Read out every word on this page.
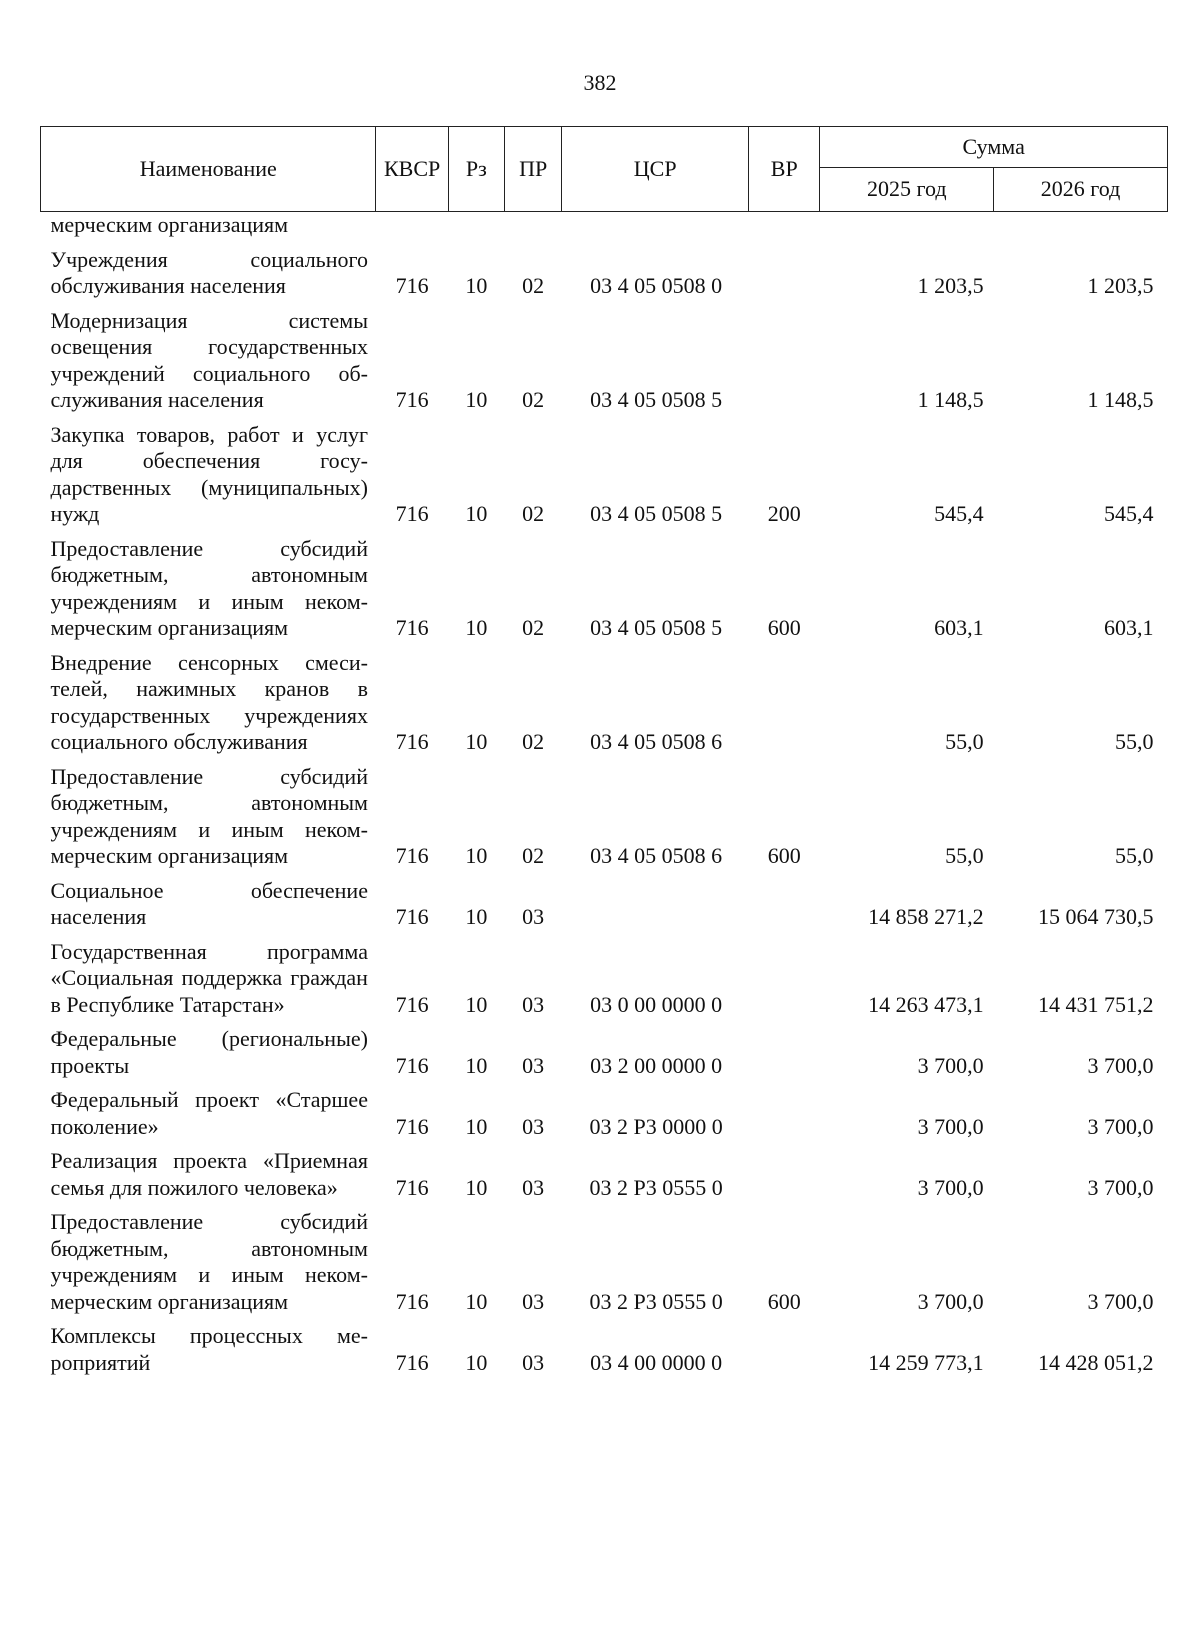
382
Наименование	КВСР	Рз	ПР	ЦСР	ВР	Сумма	
						2025 год	2026 год
мерческим организациям							
Учреждения социального обслуживания населения	716	10	02	03 4 05 0508 0		1 203,5	1 203,5
Модернизация системы освещения государственных учреждений социального обслуживания населения	716	10	02	03 4 05 0508 5		1 148,5	1 148,5
Закупка товаров, работ и услуг для обеспечения государственных (муниципальных) нужд	716	10	02	03 4 05 0508 5	200	545,4	545,4
Предоставление субсидий бюджетным, автономным учреждениям и иным некоммерческим организациям	716	10	02	03 4 05 0508 5	600	603,1	603,1
Внедрение сенсорных смесителей, нажимных кранов в государственных учреждениях социального обслуживания	716	10	02	03 4 05 0508 6		55,0	55,0
Предоставление субсидий бюджетным, автономным учреждениям и иным некоммерческим организациям	716	10	02	03 4 05 0508 6	600	55,0	55,0
Социальное обеспечение населения	716	10	03			14 858 271,2	15 064 730,5
Государственная программа «Социальная поддержка граждан в Республике Татарстан»	716	10	03	03 0 00 0000 0		14 263 473,1	14 431 751,2
Федеральные (региональные) проекты	716	10	03	03 2 00 0000 0		3 700,0	3 700,0
Федеральный проект «Старшее поколение»	716	10	03	03 2 Р3 0000 0		3 700,0	3 700,0
Реализация проекта «Приемная семья для пожилого человека»	716	10	03	03 2 Р3 0555 0		3 700,0	3 700,0
Предоставление субсидий бюджетным, автономным учреждениям и иным некоммерческим организациям	716	10	03	03 2 Р3 0555 0	600	3 700,0	3 700,0
Комплексы процессных мероприятий	716	10	03	03 4 00 0000 0		14 259 773,1	14 428 051,2
